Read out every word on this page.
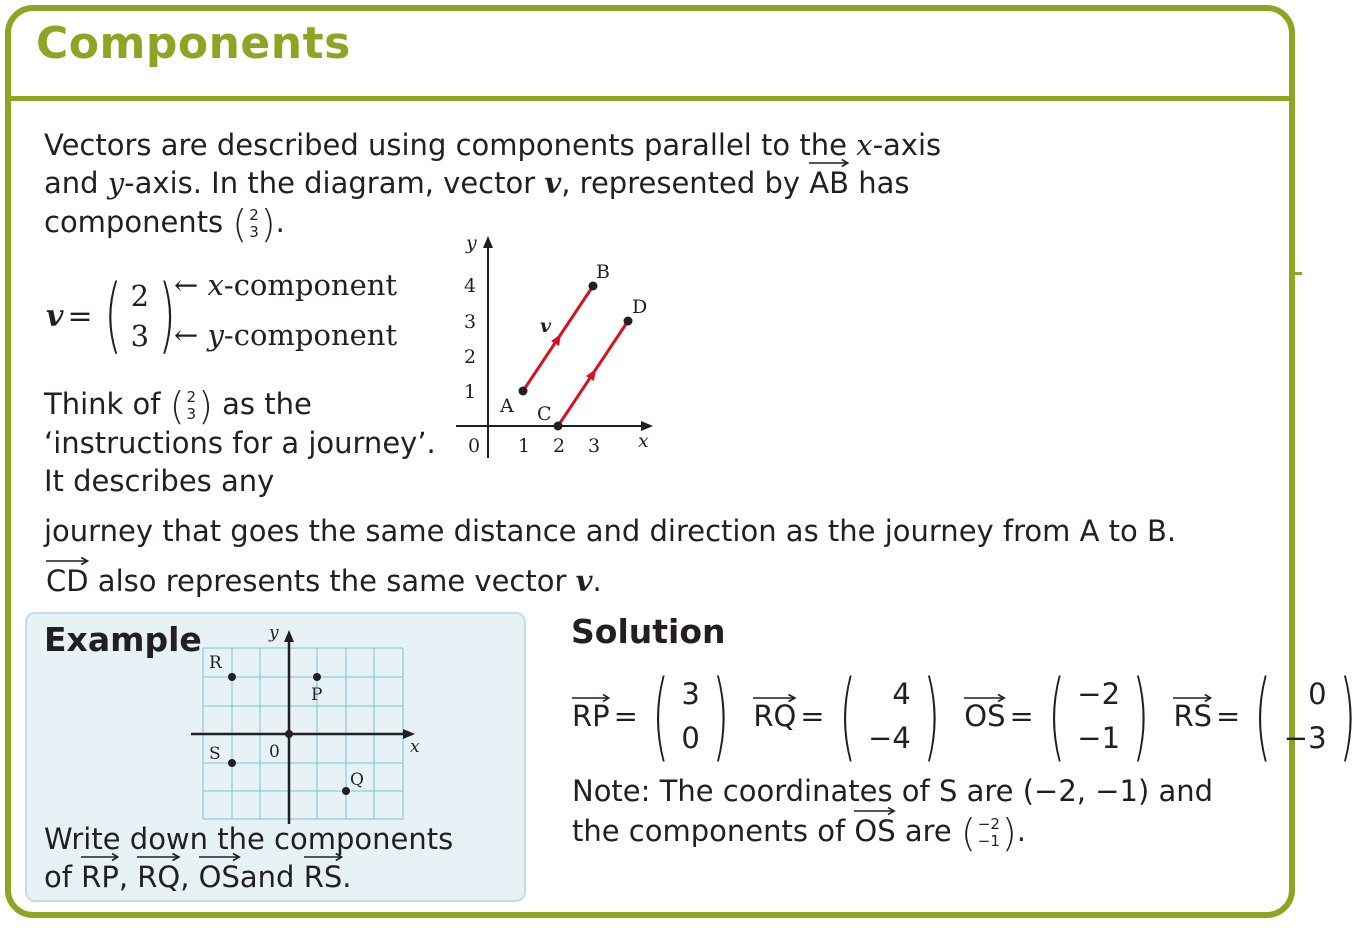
Components
Vectors are described using components parallel to the x-axis
and y-axis. In the diagram, vector v, represented by
AB has
components ( 2
3 ) .
v = ( 2
3 )
← x-component
← y-component
Think of ( 2
3 ) as the
‘instructions for a journey’.
It describes any
journey that goes the same distance and direction as the journey from A to B.
CD also represents the same vector v.
y
x
0 1 2 3
1
2
3
4
A
B
C
D
v
Example	y
x
0
P
Q
R
S
Write down the components
of
RP,
RQ,
OSand
RS.
Solution
RP = ( 3
0 ) RQ = ( 4
−4 ) OS = ( −2
−1 ) RS = ( 0
−3 )
Note: The coordinates of S are (−2, −1) and
the components of
OS are ( −2
−1 ) .
